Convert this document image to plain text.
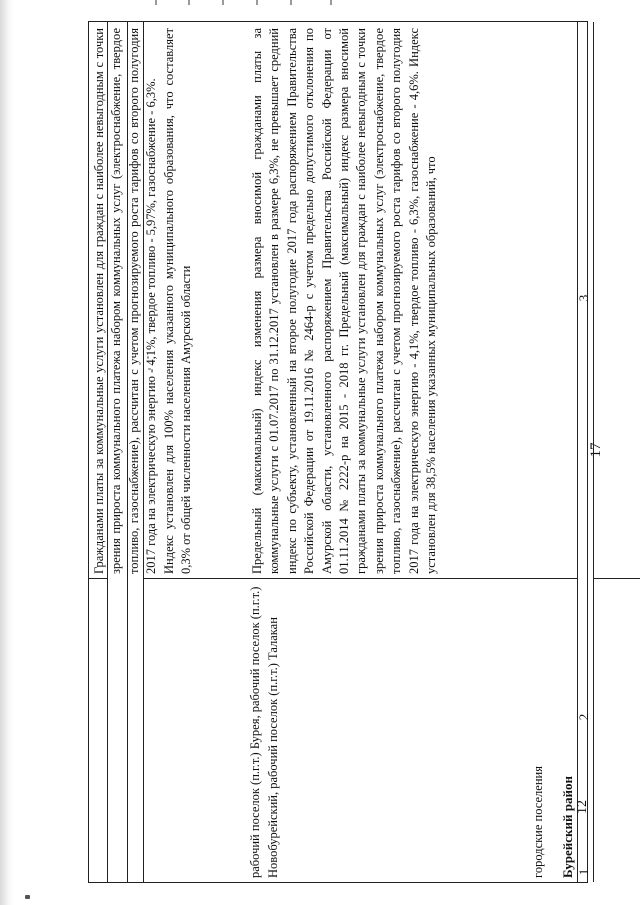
17
1
2
3

Гражданами платы за коммунальные услуги установлен для граждан с наиболее невыгодным с точки зрения прироста коммунального платежа набором коммунальных услуг (электроснабжение, твердое топливо, газоснабжение), рассчитан с учетом прогнозируемого роста тарифов со второго полугодия 2017 года на электрическую энергию - 4,1%, твердое топливо - 5,97%, газоснабжение - 6,3%. Индекс установлен для 100% населения указанного муниципального образования, что составляет 0,3% от общей численности населения Амурской области

Бурейский район
городские поселения 12
рабочий поселок (п.г.т.) Бурея, рабочий поселок (п.г.т.) Новобурейский, рабочий поселок (п.г.т.) Талакан
Предельный (максимальный) индекс изменения размера вносимой гражданами платы за коммунальные услуги с 01.07.2017 по 31.12.2017 установлен в размере 6,3%, не превышает средний индекс по субъекту, установленный на второе полугодие 2017 года распоряжением Правительства Российской Федерации от 19.11.2016 № 2464-р с учетом предельно допустимого отклонения по Амурской области, установленного распоряжением Правительства Российской Федерации от 01.11.2014 № 2222-р на 2015 - 2018 гг. Предельный (максимальный) индекс размера вносимой гражданами платы за коммунальные услуги установлен для граждан с наиболее невыгодным с точки зрения прироста коммунального платежа набором коммунальных услуг (электроснабжение, твердое топливо, газоснабжение), рассчитан с учетом прогнозируемого роста тарифов со второго полугодия 2017 года на электрическую энергию - 4,1%, твердое топливо - 6,3%, газоснабжение - 4,6%. Индекс установлен для 38,5% населения указанных муниципальных образований, что
